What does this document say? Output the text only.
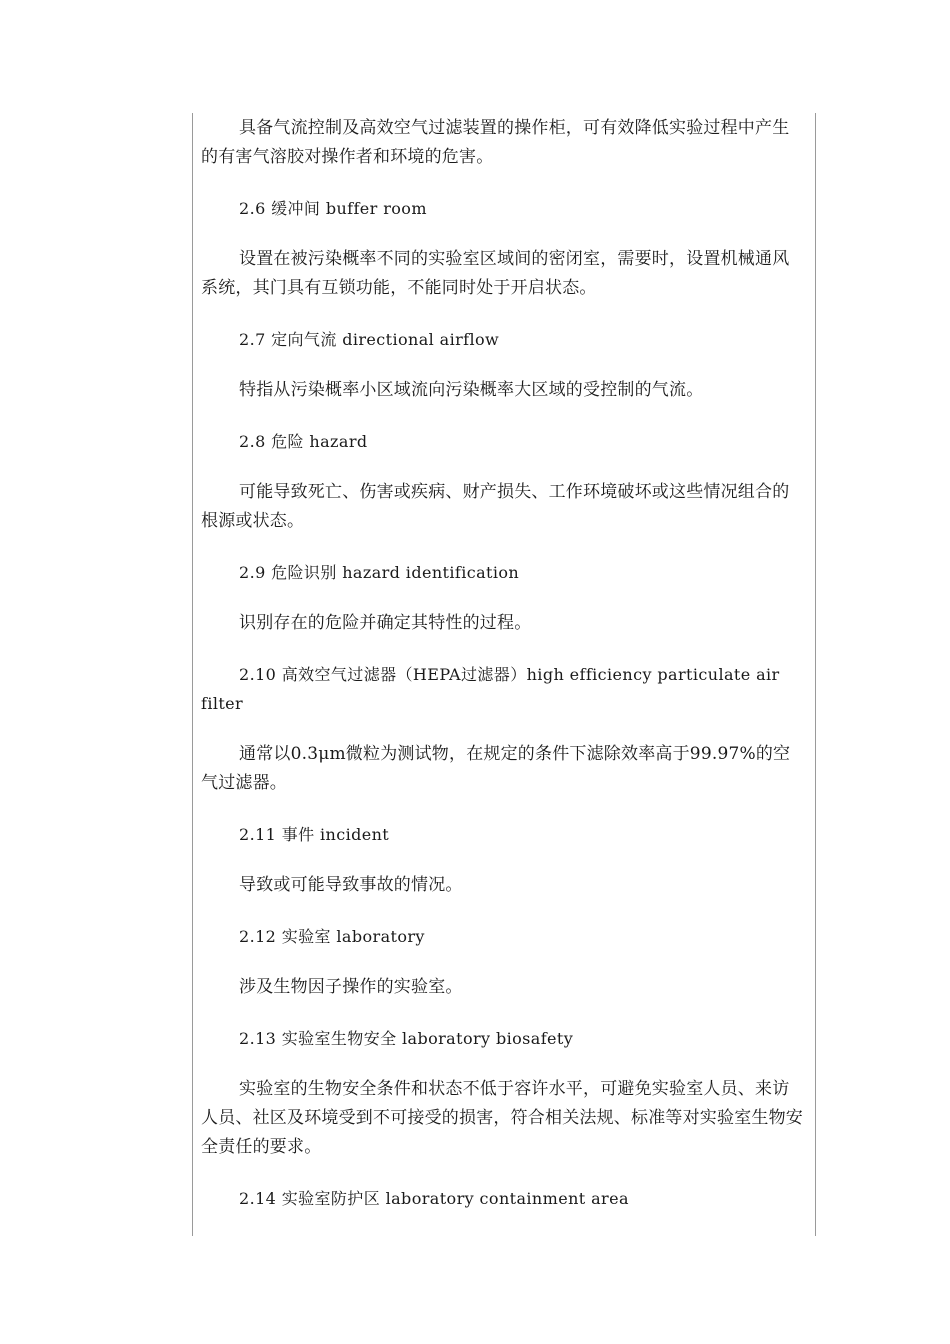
具备气流控制及高效空气过滤装置的操作柜，可有效降低实验过程中产生的有害气溶胶对操作者和环境的危害。

2.6 缓冲间 buffer room

设置在被污染概率不同的实验室区域间的密闭室，需要时，设置机械通风系统，其门具有互锁功能，不能同时处于开启状态。

2.7 定向气流 directional airflow

特指从污染概率小区域流向污染概率大区域的受控制的气流。

2.8 危险 hazard

可能导致死亡、伤害或疾病、财产损失、工作环境破坏或这些情况组合的根源或状态。

2.9 危险识别 hazard identification

识别存在的危险并确定其特性的过程。

2.10 高效空气过滤器（HEPA过滤器）high efficiency particulate air filter

通常以0.3μm微粒为测试物，在规定的条件下滤除效率高于99.97%的空气过滤器。

2.11 事件 incident

导致或可能导致事故的情况。

2.12 实验室 laboratory

涉及生物因子操作的实验室。

2.13 实验室生物安全 laboratory biosafety

实验室的生物安全条件和状态不低于容许水平，可避免实验室人员、来访人员、社区及环境受到不可接受的损害，符合相关法规、标准等对实验室生物安全责任的要求。

2.14 实验室防护区 laboratory containment area
